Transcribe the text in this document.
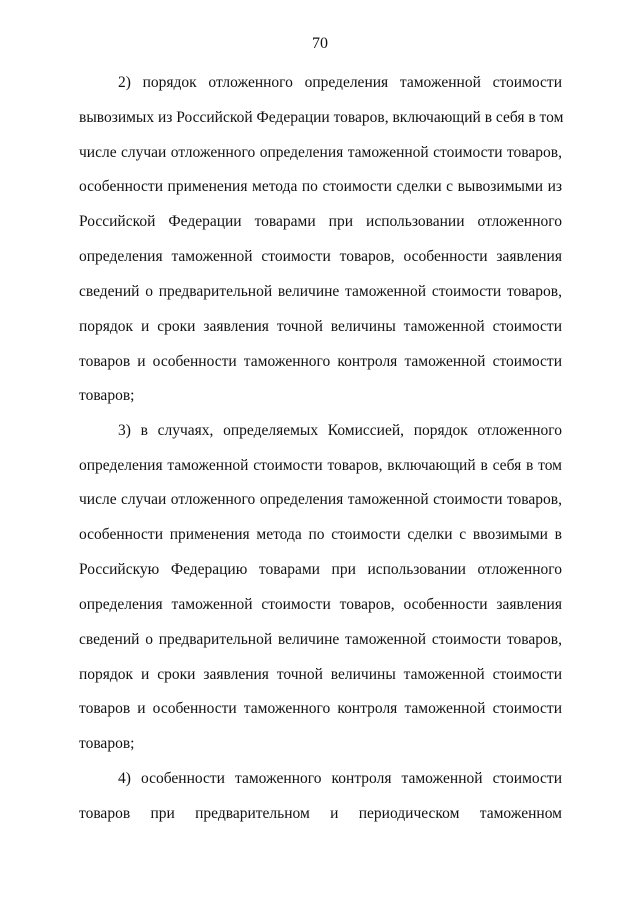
70
2) порядок отложенного определения таможенной стоимости
вывозимых из Российской Федерации товаров, включающий в себя в том
числе случаи отложенного определения таможенной стоимости товаров,
особенности применения метода по стоимости сделки с вывозимыми из
Российской Федерации товарами при использовании отложенного
определения таможенной стоимости товаров, особенности заявления
сведений о предварительной величине таможенной стоимости товаров,
порядок и сроки заявления точной величины таможенной стоимости
товаров и особенности таможенного контроля таможенной стоимости
товаров;
3) в случаях, определяемых Комиссией, порядок отложенного
определения таможенной стоимости товаров, включающий в себя в том
числе случаи отложенного определения таможенной стоимости товаров,
особенности применения метода по стоимости сделки с ввозимыми в
Российскую Федерацию товарами при использовании отложенного
определения таможенной стоимости товаров, особенности заявления
сведений о предварительной величине таможенной стоимости товаров,
порядок и сроки заявления точной величины таможенной стоимости
товаров и особенности таможенного контроля таможенной стоимости
товаров;
4) особенности таможенного контроля таможенной стоимости
товаров при предварительном и периодическом таможенном
